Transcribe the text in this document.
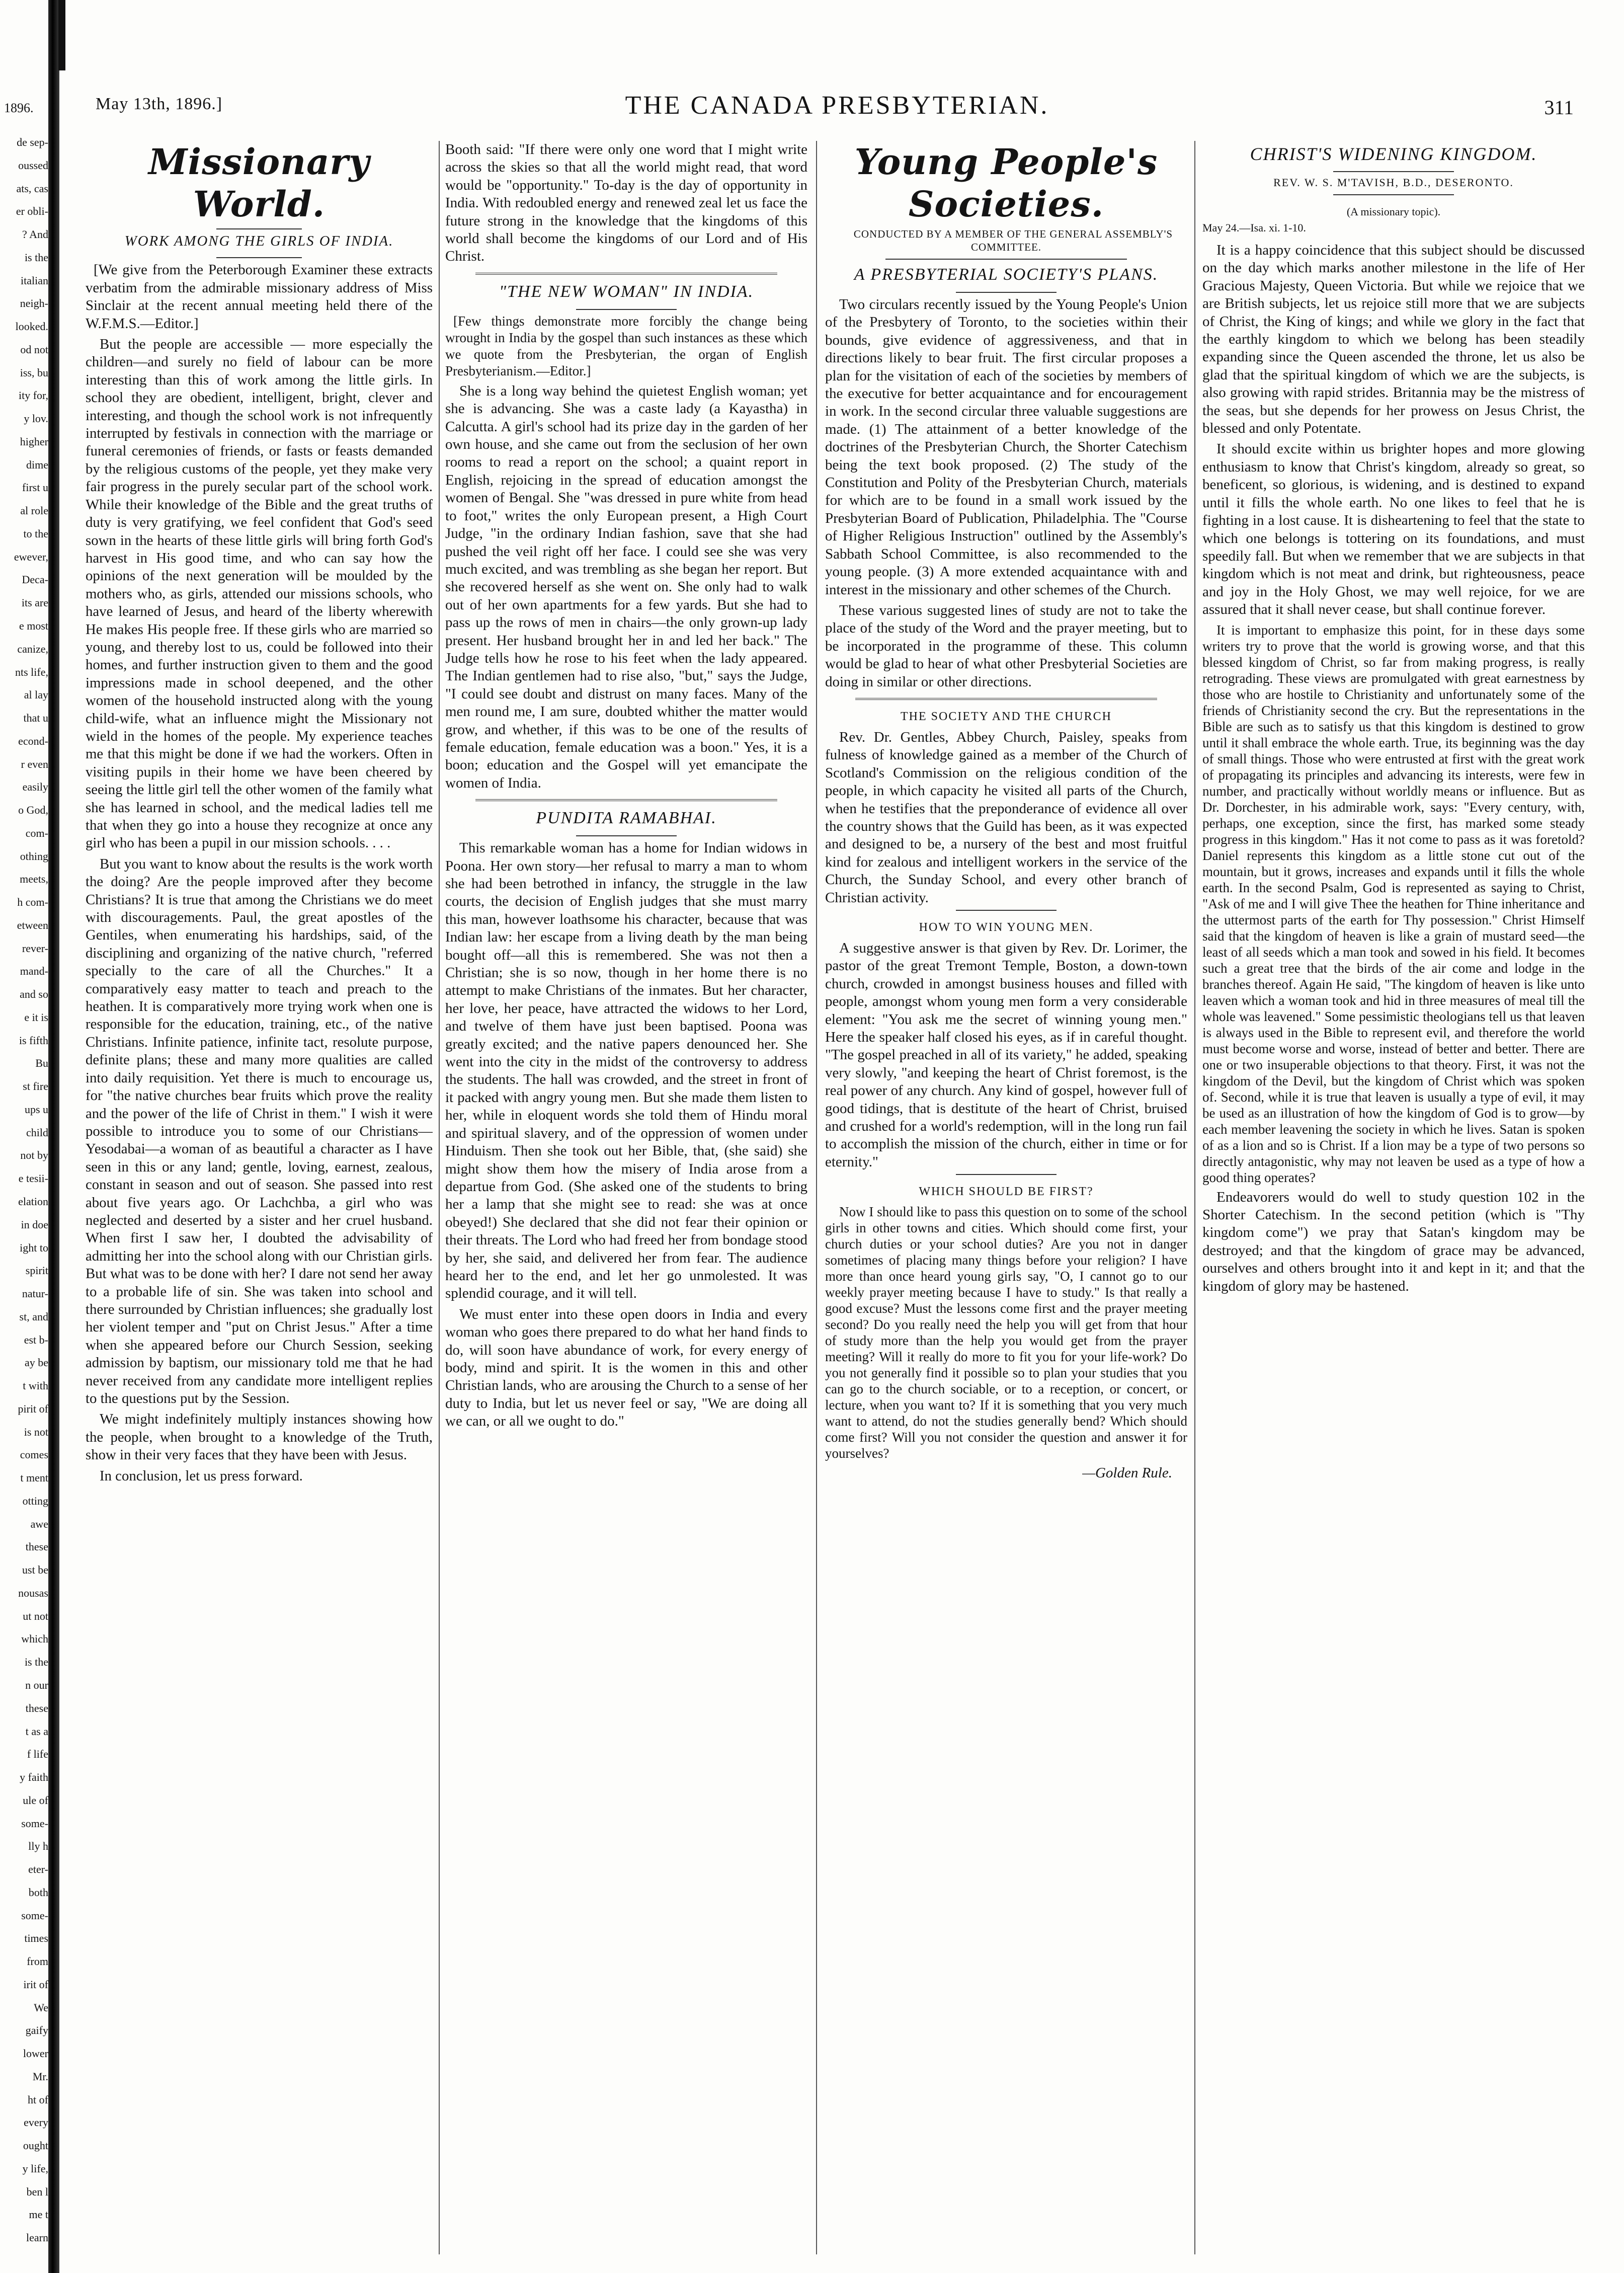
1896.
de sep-
oussed
ats, cas
er obli-
? And
is the
italian
neigh-
looked.
od not
iss, bu
ity for,
y lov.
higher
dime
first u
al role
to the
ewever,
Deca-
its are
e most
canize,
nts life,
al lay
that u
econd-
r even
easily
o God,
com-
othing
meets,
h com-
etween
rever-
mand-
and so
e it is
is fifth
Bu
st fire
ups u
child
not by
e tesii-
elation
in doe
ight to
spirit
natur-
st, and
est b-
ay be
t with
pirit of
is not
comes
t ment
otting
awe
these
ust be
nousas
ut not
which
is the
n our
these
t as a
f life
y faith
ule of
some-
lly h
eter-
both
some-
times
from
irit of
We
gaify
lower
Mr.
ht of
every
ought
y life,
ben l
me t
learn
May 13th, 1896.]	THE CANADA PRESBYTERIAN.	311
Missionary World.

WORK AMONG THE GIRLS OF INDIA.

[We give from the Peterborough Examiner these extracts verbatim from the admirable missionary address of Miss Sinclair at the recent annual meeting held there of the W.F.M.S.—Editor.]

But the people are accessible — more especially the children—and surely no field of labour can be more interesting than this of work among the little girls. In school they are obedient, intelligent, bright, clever and interesting, and though the school work is not infrequently interrupted by festivals in connection with the marriage or funeral ceremonies of friends, or fasts or feasts demanded by the religious customs of the people, yet they make very fair progress in the purely secular part of the school work. While their knowledge of the Bible and the great truths of duty is very gratifying, we feel confident that God's seed sown in the hearts of these little girls will bring forth God's harvest in His good time, and who can say how the opinions of the next generation will be moulded by the mothers who, as girls, attended our missions schools, who have learned of Jesus, and heard of the liberty wherewith He makes His people free. If these girls who are married so young, and thereby lost to us, could be followed into their homes, and further instruction given to them and the good impressions made in school deepened, and the other women of the household instructed along with the young child-wife, what an influence might the Missionary not wield in the homes of the people. My experience teaches me that this might be done if we had the workers. Often in visiting pupils in their home we have been cheered by seeing the little girl tell the other women of the family what she has learned in school, and the medical ladies tell me that when they go into a house they recognize at once any girl who has been a pupil in our mission schools. . . .

But you want to know about the results is the work worth the doing? Are the people improved after they become Christians? It is true that among the Christians we do meet with discouragements. Paul, the great apostles of the Gentiles, when enumerating his hardships, said, of the disciplining and organizing of the native church, "referred specially to the care of all the Churches." It a comparatively easy matter to teach and preach to the heathen. It is comparatively more trying work when one is responsible for the education, training, etc., of the native Christians. Infinite patience, infinite tact, resolute purpose, definite plans; these and many more qualities are called into daily requisition. Yet there is much to encourage us, for "the native churches bear fruits which prove the reality and the power of the life of Christ in them." I wish it were possible to introduce you to some of our Christians—Yesodabai—a woman of as beautiful a character as I have seen in this or any land; gentle, loving, earnest, zealous, constant in season and out of season. She passed into rest about five years ago. Or Lachchba, a girl who was neglected and deserted by a sister and her cruel husband. When first I saw her, I doubted the advisability of admitting her into the school along with our Christian girls. But what was to be done with her? I dare not send her away to a probable life of sin. She was taken into school and there surrounded by Christian influences; she gradually lost her violent temper and "put on Christ Jesus." After a time when she appeared before our Church Session, seeking admission by baptism, our missionary told me that he had never received from any candidate more intelligent replies to the questions put by the Session.

We might indefinitely multiply instances showing how the people, when brought to a knowledge of the Truth, show in their very faces that they have been with Jesus.

In conclusion, let us press forward.

Booth said: "If there were only one word that I might write across the skies so that all the world might read, that word would be "opportunity." To-day is the day of opportunity in India. With redoubled energy and renewed zeal let us face the future strong in the knowledge that the kingdoms of this world shall become the kingdoms of our Lord and of His Christ.

"THE NEW WOMAN" IN INDIA.

[Few things demonstrate more forcibly the change being wrought in India by the gospel than such instances as these which we quote from the Presbyterian, the organ of English Presbyterianism.—Editor.]

She is a long way behind the quietest English woman; yet she is advancing. She was a caste lady (a Kayastha) in Calcutta. A girl's school had its prize day in the garden of her own house, and she came out from the seclusion of her own rooms to read a report on the school; a quaint report in English, rejoicing in the spread of education amongst the women of Bengal. She "was dressed in pure white from head to foot," writes the only European present, a High Court Judge, "in the ordinary Indian fashion, save that she had pushed the veil right off her face. I could see she was very much excited, and was trembling as she began her report. But she recovered herself as she went on. She only had to walk out of her own apartments for a few yards. But she had to pass up the rows of men in chairs—the only grown-up lady present. Her husband brought her in and led her back." The Judge tells how he rose to his feet when the lady appeared. The Indian gentlemen had to rise also, "but," says the Judge, "I could see doubt and distrust on many faces. Many of the men round me, I am sure, doubted whither the matter would grow, and whether, if this was to be one of the results of female education, female education was a boon." Yes, it is a boon; education and the Gospel will yet emancipate the women of India.

PUNDITA RAMABHAI.

This remarkable woman has a home for Indian widows in Poona. Her own story—her refusal to marry a man to whom she had been betrothed in infancy, the struggle in the law courts, the decision of English judges that she must marry this man, however loathsome his character, because that was Indian law: her escape from a living death by the man being bought off—all this is remembered. She was not then a Christian; she is so now, though in her home there is no attempt to make Christians of the inmates. But her character, her love, her peace, have attracted the widows to her Lord, and twelve of them have just been baptised. Poona was greatly excited; and the native papers denounced her. She went into the city in the midst of the controversy to address the students. The hall was crowded, and the street in front of it packed with angry young men. But she made them listen to her, while in eloquent words she told them of Hindu moral and spiritual slavery, and of the oppression of women under Hinduism. Then she took out her Bible, that, (she said) she might show them how the misery of India arose from a departue from God. (She asked one of the students to bring her a lamp that she might see to read: she was at once obeyed!) She declared that she did not fear their opinion or their threats. The Lord who had freed her from bondage stood by her, she said, and delivered her from fear. The audience heard her to the end, and let her go unmolested. It was splendid courage, and it will tell.

We must enter into these open doors in India and every woman who goes there prepared to do what her hand finds to do, will soon have abundance of work, for every energy of body, mind and spirit. It is the women in this and other Christian lands, who are arousing the Church to a sense of her duty to India, but let us never feel or say, "We are doing all we can, or all we ought to do."

Young People's Societies.

CONDUCTED BY A MEMBER OF THE GENERAL ASSEMBLY'S COMMITTEE.

A PRESBYTERIAL SOCIETY'S PLANS.

Two circulars recently issued by the Young People's Union of the Presbytery of Toronto, to the societies within their bounds, give evidence of aggressiveness, and that in directions likely to bear fruit. The first circular proposes a plan for the visitation of each of the societies by members of the executive for better acquaintance and for encouragement in work. In the second circular three valuable suggestions are made. (1) The attainment of a better knowledge of the doctrines of the Presbyterian Church, the Shorter Catechism being the text book proposed. (2) The study of the Constitution and Polity of the Presbyterian Church, materials for which are to be found in a small work issued by the Presbyterian Board of Publication, Philadelphia. The "Course of Higher Religious Instruction" outlined by the Assembly's Sabbath School Committee, is also recommended to the young people. (3) A more extended acquaintance with and interest in the missionary and other schemes of the Church.

These various suggested lines of study are not to take the place of the study of the Word and the prayer meeting, but to be incorporated in the programme of these. This column would be glad to hear of what other Presbyterial Societies are doing in similar or other directions.

THE SOCIETY AND THE CHURCH

Rev. Dr. Gentles, Abbey Church, Paisley, speaks from fulness of knowledge gained as a member of the Church of Scotland's Commission on the religious condition of the people, in which capacity he visited all parts of the Church, when he testifies that the preponderance of evidence all over the country shows that the Guild has been, as it was expected and designed to be, a nursery of the best and most fruitful kind for zealous and intelligent workers in the service of the Church, the Sunday School, and every other branch of Christian activity.

HOW TO WIN YOUNG MEN.

A suggestive answer is that given by Rev. Dr. Lorimer, the pastor of the great Tremont Temple, Boston, a down-town church, crowded in amongst business houses and filled with people, amongst whom young men form a very considerable element: "You ask me the secret of winning young men." Here the speaker half closed his eyes, as if in careful thought. "The gospel preached in all of its variety," he added, speaking very slowly, "and keeping the heart of Christ foremost, is the real power of any church. Any kind of gospel, however full of good tidings, that is destitute of the heart of Christ, bruised and crushed for a world's redemption, will in the long run fail to accomplish the mission of the church, either in time or for eternity."

WHICH SHOULD BE FIRST?

Now I should like to pass this question on to some of the school girls in other towns and cities. Which should come first, your church duties or your school duties? Are you not in danger sometimes of placing many things before your religion? I have more than once heard young girls say, "O, I cannot go to our weekly prayer meeting because I have to study." Is that really a good excuse? Must the lessons come first and the prayer meeting second? Do you really need the help you will get from that hour of study more than the help you would get from the prayer meeting? Will it really do more to fit you for your life-work? Do you not generally find it possible so to plan your studies that you can go to the church sociable, or to a reception, or concert, or lecture, when you want to? If it is something that you very much want to attend, do not the studies generally bend? Which should come first? Will you not consider the question and answer it for yourselves?

—Golden Rule.

CHRIST'S WIDENING KINGDOM.

REV. W. S. M'TAVISH, B.D., DESERONTO.
(A missionary topic).
May 24.—Isa. xi. 1-10.

It is a happy coincidence that this subject should be discussed on the day which marks another milestone in the life of Her Gracious Majesty, Queen Victoria. But while we rejoice that we are British subjects, let us rejoice still more that we are subjects of Christ, the King of kings; and while we glory in the fact that the earthly kingdom to which we belong has been steadily expanding since the Queen ascended the throne, let us also be glad that the spiritual kingdom of which we are the subjects, is also growing with rapid strides. Britannia may be the mistress of the seas, but she depends for her prowess on Jesus Christ, the blessed and only Potentate.

It should excite within us brighter hopes and more glowing enthusiasm to know that Christ's kingdom, already so great, so beneficent, so glorious, is widening, and is destined to expand until it fills the whole earth. No one likes to feel that he is fighting in a lost cause. It is disheartening to feel that the state to which one belongs is tottering on its foundations, and must speedily fall. But when we remember that we are subjects in that kingdom which is not meat and drink, but righteousness, peace and joy in the Holy Ghost, we may well rejoice, for we are assured that it shall never cease, but shall continue forever.

It is important to emphasize this point, for in these days some writers try to prove that the world is growing worse, and that this blessed kingdom of Christ, so far from making progress, is really retrograding. These views are promulgated with great earnestness by those who are hostile to Christianity and unfortunately some of the friends of Christianity second the cry. But the representations in the Bible are such as to satisfy us that this kingdom is destined to grow until it shall embrace the whole earth. True, its beginning was the day of small things. Those who were entrusted at first with the great work of propagating its principles and advancing its interests, were few in number, and practically without worldly means or influence. But as Dr. Dorchester, in his admirable work, says: "Every century, with, perhaps, one exception, since the first, has marked some steady progress in this kingdom." Has it not come to pass as it was foretold? Daniel represents this kingdom as a little stone cut out of the mountain, but it grows, increases and expands until it fills the whole earth. In the second Psalm, God is represented as saying to Christ, "Ask of me and I will give Thee the heathen for Thine inheritance and the uttermost parts of the earth for Thy possession." Christ Himself said that the kingdom of heaven is like a grain of mustard seed—the least of all seeds which a man took and sowed in his field. It becomes such a great tree that the birds of the air come and lodge in the branches thereof. Again He said, "The kingdom of heaven is like unto leaven which a woman took and hid in three measures of meal till the whole was leavened." Some pessimistic theologians tell us that leaven is always used in the Bible to represent evil, and therefore the world must become worse and worse, instead of better and better. There are one or two insuperable objections to that theory. First, it was not the kingdom of the Devil, but the kingdom of Christ which was spoken of. Second, while it is true that leaven is usually a type of evil, it may be used as an illustration of how the kingdom of God is to grow—by each member leavening the society in which he lives. Satan is spoken of as a lion and so is Christ. If a lion may be a type of two persons so directly antagonistic, why may not leaven be used as a type of how a good thing operates?

Endeavorers would do well to study question 102 in the Shorter Catechism. In the second petition (which is "Thy kingdom come") we pray that Satan's kingdom may be destroyed; and that the kingdom of grace may be advanced, ourselves and others brought into it and kept in it; and that the kingdom of glory may be hastened.
